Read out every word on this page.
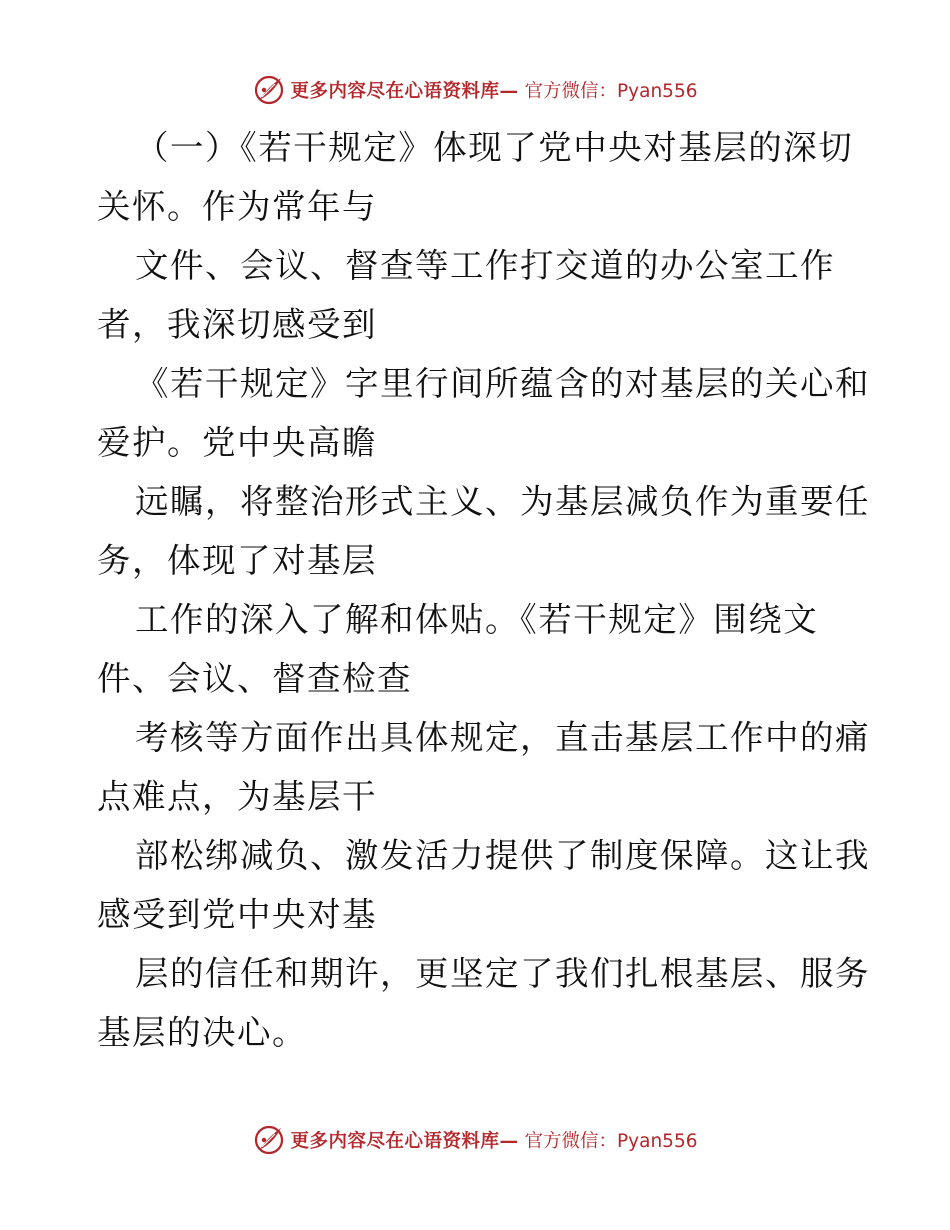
更多内容尽在心语资料库— 官方微信：Pyan556
（一）《若干规定》体现了党中央对基层的深切
关怀。作为常年与
文件、会议、督查等工作打交道的办公室工作
者，我深切感受到
《若干规定》字里行间所蕴含的对基层的关心和
爱护。党中央高瞻
远瞩，将整治形式主义、为基层减负作为重要任
务，体现了对基层
工作的深入了解和体贴。《若干规定》围绕文
件、会议、督查检查
考核等方面作出具体规定，直击基层工作中的痛
点难点，为基层干
部松绑减负、激发活力提供了制度保障。这让我
感受到党中央对基
层的信任和期许，更坚定了我们扎根基层、服务
基层的决心。
更多内容尽在心语资料库— 官方微信：Pyan556
